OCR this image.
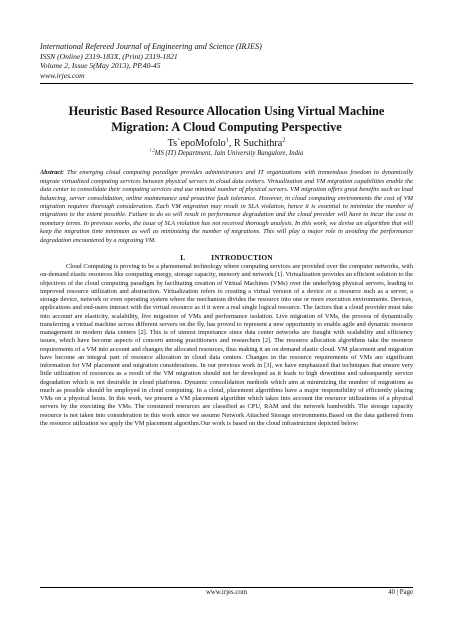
International Refereed Journal of Engineering and Science (IRJES)
ISSN (Online) 2319-183X, (Print) 2319-1821
Volume 2, Issue 5(May 2013), PP.40-45
www.irjes.com
Heuristic Based Resource Allocation Using Virtual Machine Migration: A Cloud Computing Perspective
Ts`epoMofolo$^1$, R Suchithra$^2$
$^{1,2}$MS (IT) Department, Jain University Bangalore, India
Abstract: The emerging cloud computing paradigm provides administrators and IT organizations with tremendous freedom to dynamically migrate virtualized computing services between physical servers in cloud data centers. Virtualization and VM migration capabilities enable the data center to consolidate their computing services and use minimal number of physical servers. VM migration offers great benefits such as load balancing, server consolidation, online maintenance and proactive fault tolerance. However, in cloud computing environments the cost of VM migration requires thorough consideration. Each VM migration may result in SLA violation, hence it is essential to minimize the number of migrations to the extent possible. Failure to do so will result in performance degradation and the cloud provider will have to incur the cost in monetary terms. In previous works, the issue of SLA violation has not received thorough analysis. In this work, we devise an algorithm that will keep the migration time minimum as well as minimizing the number of migrations. This will play a major role in avoiding the performance degradation encountered by a migrating VM.
I.	INTRODUCTION
Cloud Computing is proving to be a phenomenal technology where computing services are provided over the computer networks, with on-demand elastic resources like computing energy, storage capacity, memory and network [1]. Virtualization provides an efficient solution to the objectives of the cloud computing paradigm by facilitating creation of Virtual Machines (VMs) over the underlying physical servers, leading to improved resource utilization and abstraction. Virtualization refers to creating a virtual version of a device or a resource such as a server, a storage device, network or even operating system where the mechanism divides the resource into one or more execution environments. Devices, applications and end-users interact with the virtual resource as if it were a real single logical resource. The factors that a cloud provider must take into account are elasticity, scalability, live migration of VMs and performance isolation. Live migration of VMs, the process of dynamically transferring a virtual machine across different servers on the fly, has proved to represent a new opportunity to enable agile and dynamic resource management in modern data centers [2]. This is of utmost importance since data center networks are fraught with scalability and efficiency issues, which have become aspects of concern among practitioners and researchers [2]. The resource allocation algorithms take the resource requirements of a VM into account and changes the allocated resources, thus making it an on demand elastic cloud. VM placement and migration have become an integral part of resource allocation in cloud data centers. Changes in the resource requirements of VMs are significant information for VM placement and migration considerations. In our previous work in [3], we have emphasized that techniques that ensure very little utilization of resources as a result of the VM migration should not be developed as it leads to high downtime and subsequently service degradation which is not desirable in cloud platforms. Dynamic consolidation methods which aim at minimizing the number of migrations as much as possible should be employed in cloud computing. In a cloud, placement algorithms have a major responsibility of efficiently placing VMs on a physical hosts. In this work, we present a VM placement algorithm which takes into account the resource utilizations of a physical servers by the executing the VMs. The consumed resources are classified as CPU, RAM and the network bandwidth. The storage capacity resource is not taken into consideration in this work since we assume Network Attached Storage environments.Based on the data gathered from the resource utilization we apply the VM placement algorithm.Our work is based on the cloud infrastructure depicted below:
www.irjes.com	40 | Page
